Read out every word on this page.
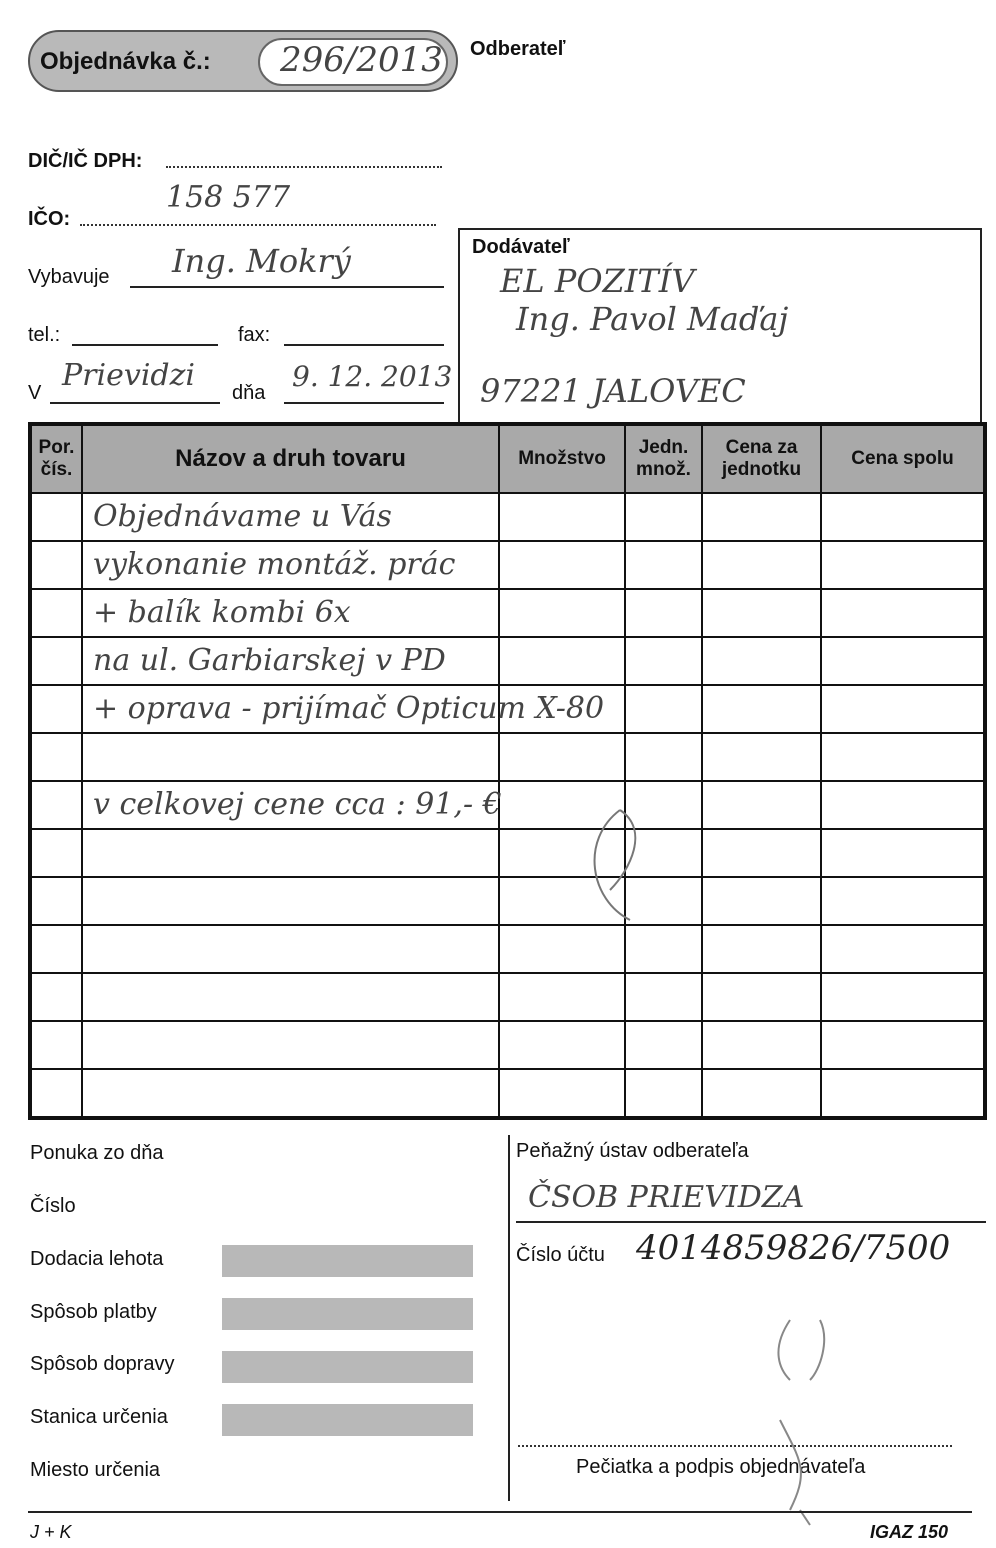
Objednávka č.: 296/2013 Odberateľ
DIČ/IČ DPH:
IČO:
158 577
Vybavuje Ing. Mokrý
tel.:	fax:
V Prievidzi dňa 9. 12. 2013
Dodávateľ
EL POZITÍV
Ing. Pavol Maďaj
97221 JALOVEC
Por. čís.	Názov a druh tovaru	Množstvo	Jedn. množ.	Cena za jednotku	Cena spolu
	Objednávame u Vás				
	vykonanie montáž. prác				
	+ balík kombi 6x				
	na ul. Garbiarskej v PD				
	+ oprava - prijímač Opticum X-80				

	v celkovej cene cca : 91,- €				

Ponuka zo dňa
Číslo
Dodacia lehota
Spôsob platby
Spôsob dopravy
Stanica určenia
Miesto určenia
Peňažný ústav odberateľa
ČSOB PRIEVIDZA
Číslo účtu 4014859826/7500
Pečiatka a podpis objednávateľa
J + K	IGAZ 150
